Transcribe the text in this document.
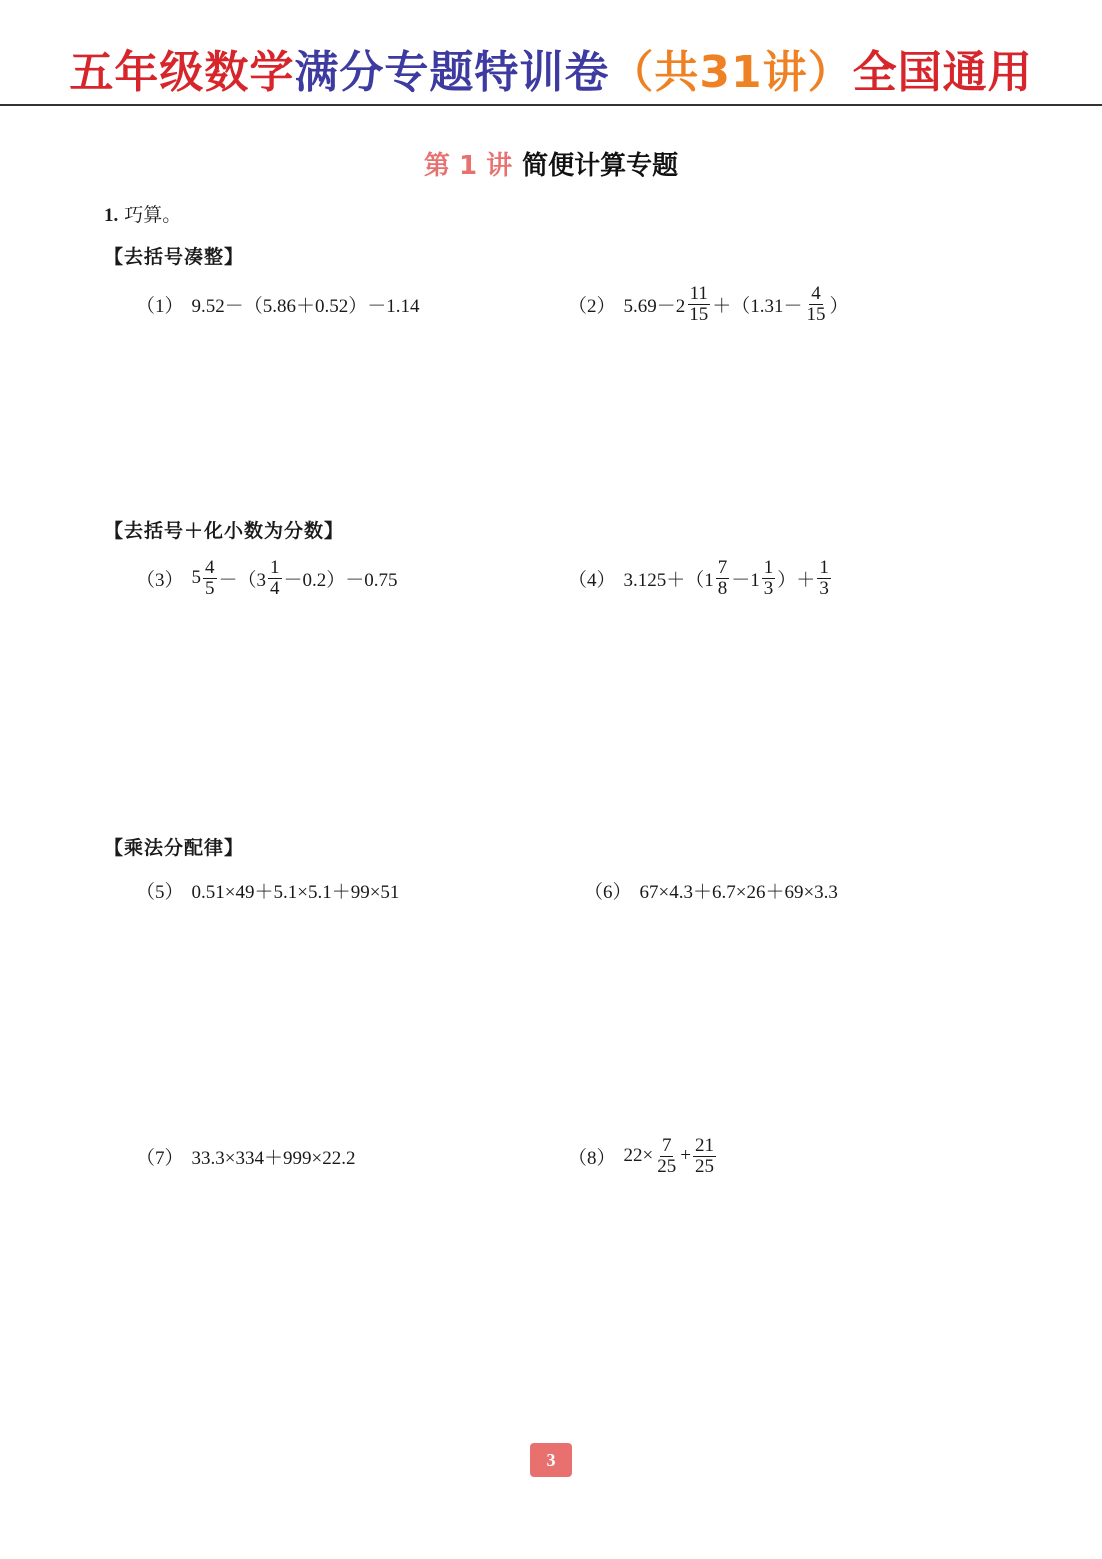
五年级数学满分专题特训卷（共31讲）全国通用
第 1 讲 简便计算专题
1. 巧算。
【去括号凑整】
（1） 9.52－（5.86＋0.52）－1.14	（2） $5.69-2 \frac{11}{15} +(1.31- \frac{4}{15}$ ）
【去括号＋化小数为分数】
（3） $5 \frac{4}{5} -(3 \frac{1}{4} -0.2)-0.75$	（4） $3.125+(1 \frac{7}{8} -1 \frac{1}{3}$ ）＋ $\frac{1}{3}$
【乘法分配律】
（5） 0.51×49＋5.1×5.1＋99×51	（6） 67×4.3＋6.7×26＋69×3.3
（7） 33.3×334＋999×22.2	（8） $22\times \frac{7}{25} + \frac{21}{25}$
3
